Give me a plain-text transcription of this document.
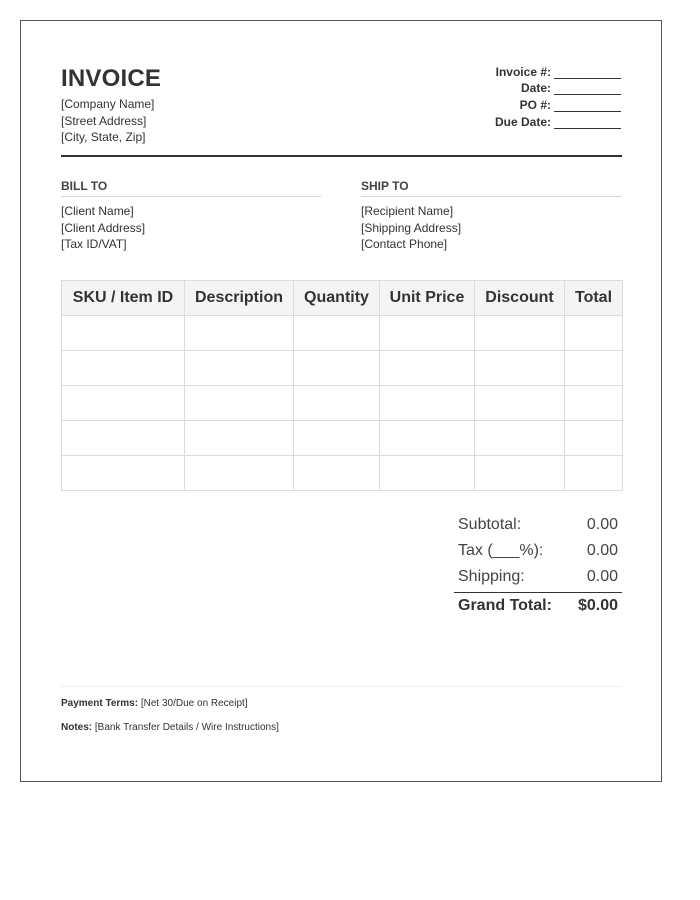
INVOICE
[Company Name]
[Street Address]
[City, State, Zip]
Invoice #:
Date:
PO #:
Due Date:
BILL TO
[Client Name]
[Client Address]
[Tax ID/VAT]
SHIP TO
[Recipient Name]
[Shipping Address]
[Contact Phone]
SKU / Item ID	Description	Quantity	Unit Price	Discount	Total

Subtotal:	0.00
Tax (___%):	0.00
Shipping:	0.00
Grand Total: $0.00
Payment Terms: [Net 30/Due on Receipt]
Notes: [Bank Transfer Details / Wire Instructions]
